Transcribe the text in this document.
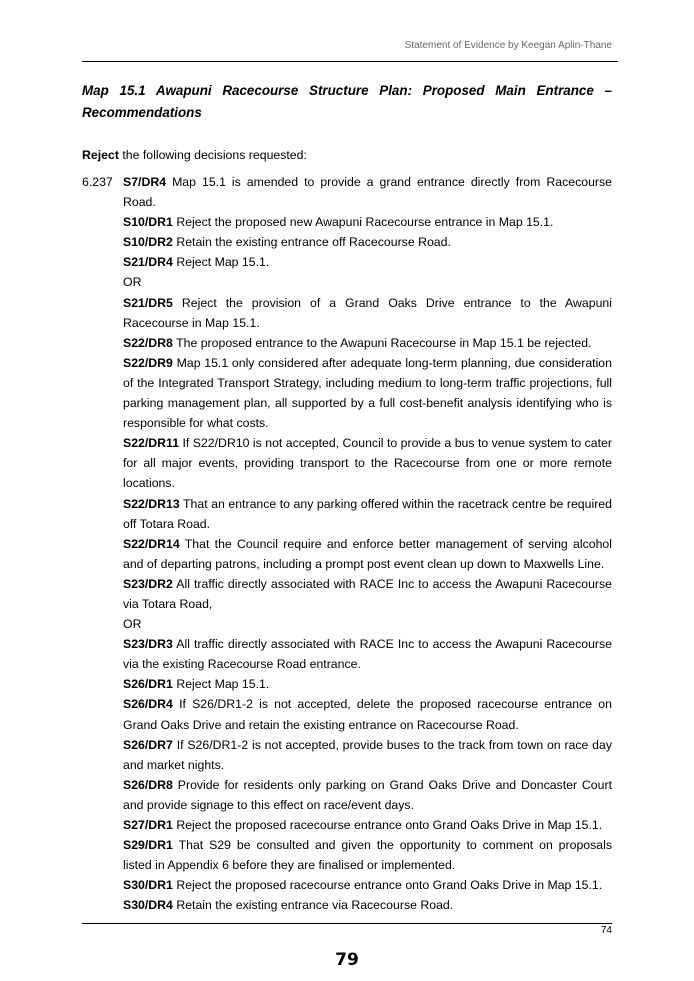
Statement of Evidence by Keegan Aplin-Thane
Map 15.1 Awapuni Racecourse Structure Plan: Proposed Main Entrance – Recommendations
Reject the following decisions requested:
6.237 S7/DR4 Map 15.1 is amended to provide a grand entrance directly from Racecourse Road.
S10/DR1 Reject the proposed new Awapuni Racecourse entrance in Map 15.1.
S10/DR2 Retain the existing entrance off Racecourse Road.
S21/DR4 Reject Map 15.1.
OR
S21/DR5 Reject the provision of a Grand Oaks Drive entrance to the Awapuni Racecourse in Map 15.1.
S22/DR8 The proposed entrance to the Awapuni Racecourse in Map 15.1 be rejected.
S22/DR9 Map 15.1 only considered after adequate long-term planning, due consideration of the Integrated Transport Strategy, including medium to long-term traffic projections, full parking management plan, all supported by a full cost-benefit analysis identifying who is responsible for what costs.
S22/DR11 If S22/DR10 is not accepted, Council to provide a bus to venue system to cater for all major events, providing transport to the Racecourse from one or more remote locations.
S22/DR13 That an entrance to any parking offered within the racetrack centre be required off Totara Road.
S22/DR14 That the Council require and enforce better management of serving alcohol and of departing patrons, including a prompt post event clean up down to Maxwells Line.
S23/DR2 All traffic directly associated with RACE Inc to access the Awapuni Racecourse via Totara Road,
OR
S23/DR3 All traffic directly associated with RACE Inc to access the Awapuni Racecourse via the existing Racecourse Road entrance.
S26/DR1 Reject Map 15.1.
S26/DR4 If S26/DR1-2 is not accepted, delete the proposed racecourse entrance on Grand Oaks Drive and retain the existing entrance on Racecourse Road.
S26/DR7 If S26/DR1-2 is not accepted, provide buses to the track from town on race day and market nights.
S26/DR8 Provide for residents only parking on Grand Oaks Drive and Doncaster Court and provide signage to this effect on race/event days.
S27/DR1 Reject the proposed racecourse entrance onto Grand Oaks Drive in Map 15.1.
S29/DR1 That S29 be consulted and given the opportunity to comment on proposals listed in Appendix 6 before they are finalised or implemented.
S30/DR1 Reject the proposed racecourse entrance onto Grand Oaks Drive in Map 15.1.
S30/DR4 Retain the existing entrance via Racecourse Road.
74
79
